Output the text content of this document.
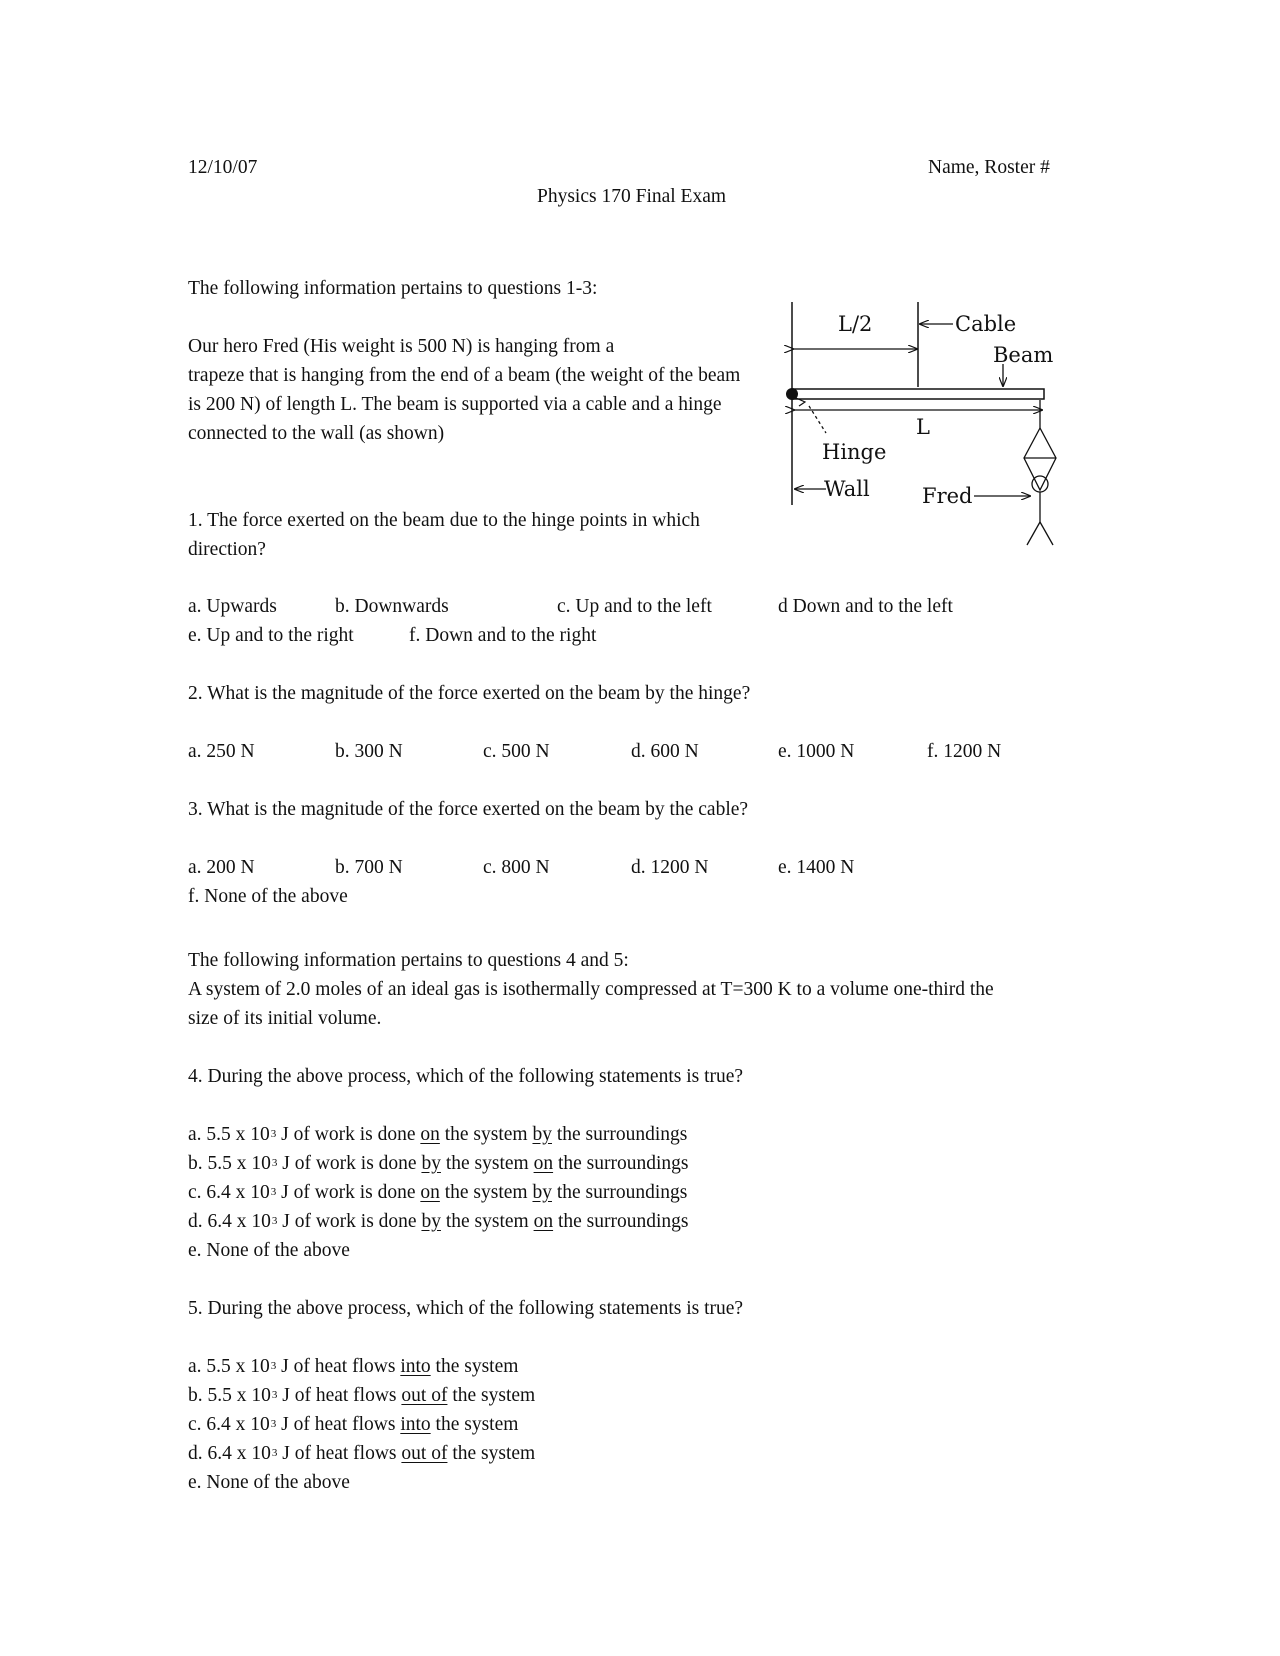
12/10/07	Name, Roster #
Physics 170 Final Exam
The following information pertains to questions 1-3:
Our hero Fred (His weight is 500 N) is hanging from a
trapeze that is hanging from the end of a beam (the weight of the beam
is 200 N) of length L. The beam is supported via a cable and a hinge
connected to the wall (as shown)
L/2	Cable
Beam
L
Hinge
Wall Fred
1. The force exerted on the beam due to the hinge points in which
direction?
a. Upwards	b. Downwards	c. Up and to the left	d Down and to the left
e. Up and to the right	f. Down and to the right
2. What is the magnitude of the force exerted on the beam by the hinge?
a. 250 N	b. 300 N	c. 500 N	d. 600 N	e. 1000 N	f. 1200 N
3. What is the magnitude of the force exerted on the beam by the cable?
a. 200 N	b. 700 N	c. 800 N	d. 1200 N	e. 1400 N
f. None of the above
The following information pertains to questions 4 and 5:
A system of 2.0 moles of an ideal gas is isothermally compressed at T=300 K to a volume one-third the
size of its initial volume.
4. During the above process, which of the following statements is true?
a. 5.5 x $10^3$ J of work is done on the system by the surroundings
b. 5.5 x $10^3$ J of work is done by the system on the surroundings
c. 6.4 x $10^3$ J of work is done on the system by the surroundings
d. 6.4 x $10^3$ J of work is done by the system on the surroundings
e. None of the above
5. During the above process, which of the following statements is true?
a. 5.5 x $10^3$ J of heat flows into the system
b. 5.5 x $10^3$ J of heat flows out of the system
c. 6.4 x $10^3$ J of heat flows into the system
d. 6.4 x $10^3$ J of heat flows out of the system
e. None of the above
